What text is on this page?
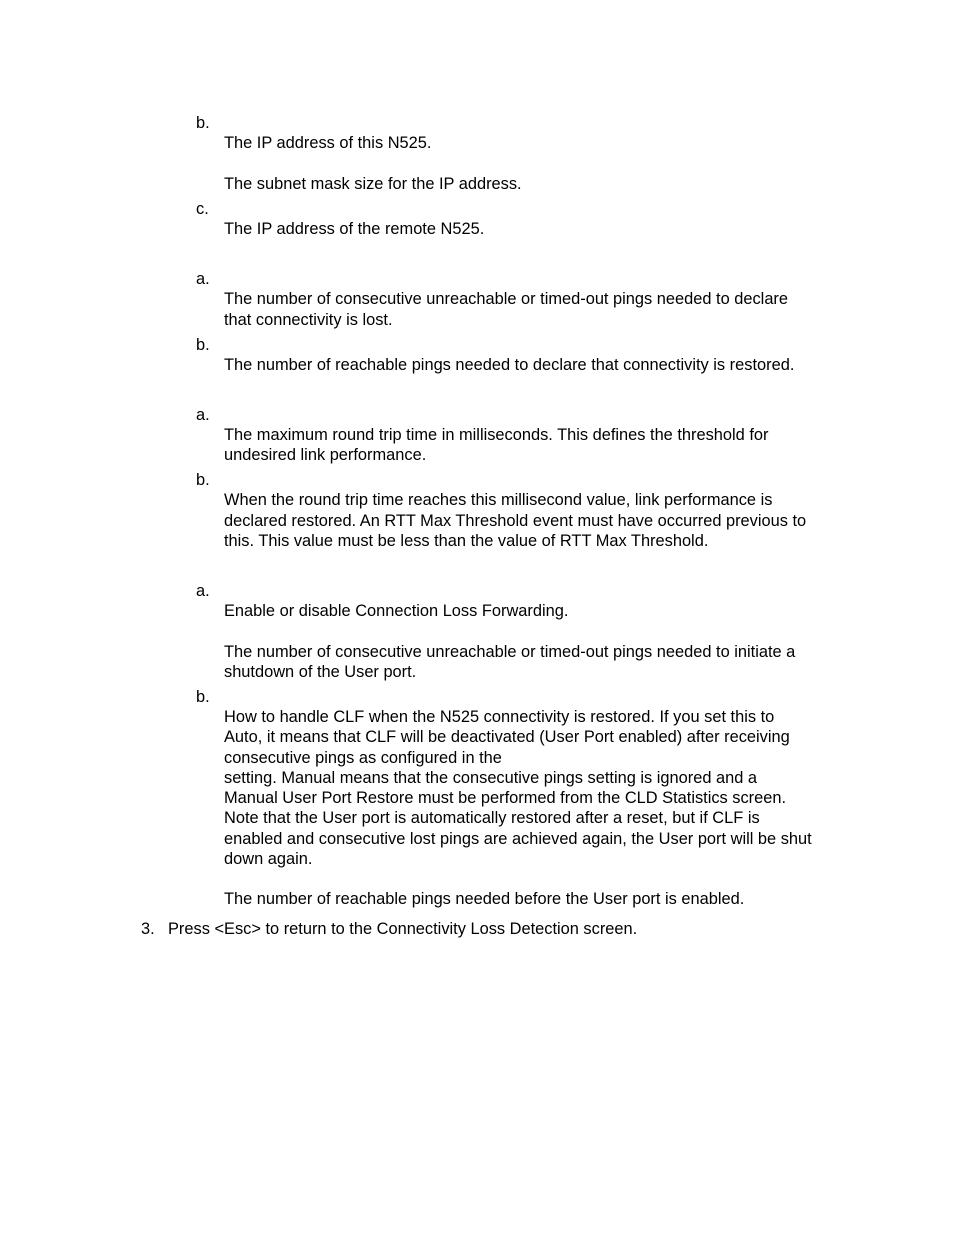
b.

The IP address of this N525.

The subnet mask size for the IP address.

c.

The IP address of the remote N525.

a.

The number of consecutive unreachable or timed-out pings needed to declare

that connectivity is lost.

b.

The number of reachable pings needed to declare that connectivity is restored.

a.

The maximum round trip time in milliseconds. This defines the threshold for

undesired link performance.

b.

When the round trip time reaches this millisecond value, link performance is

declared restored. An RTT Max Threshold event must have occurred previous to

this. This value must be less than the value of RTT Max Threshold.

a.

Enable or disable Connection Loss Forwarding.

The number of consecutive unreachable or timed-out pings needed to initiate a

shutdown of the User port.

b.

How to handle CLF when the N525 connectivity is restored. If you set this to

Auto, it means that CLF will be deactivated (User Port enabled) after receiving

consecutive pings as configured in the

setting. Manual means that the consecutive pings setting is ignored and a

Manual User Port Restore must be performed from the CLD Statistics screen.

Note that the User port is automatically restored after a reset, but if CLF is

enabled and consecutive lost pings are achieved again, the User port will be shut

down again.

The number of reachable pings needed before the User port is enabled.

3. Press <Esc> to return to the Connectivity Loss Detection screen.
